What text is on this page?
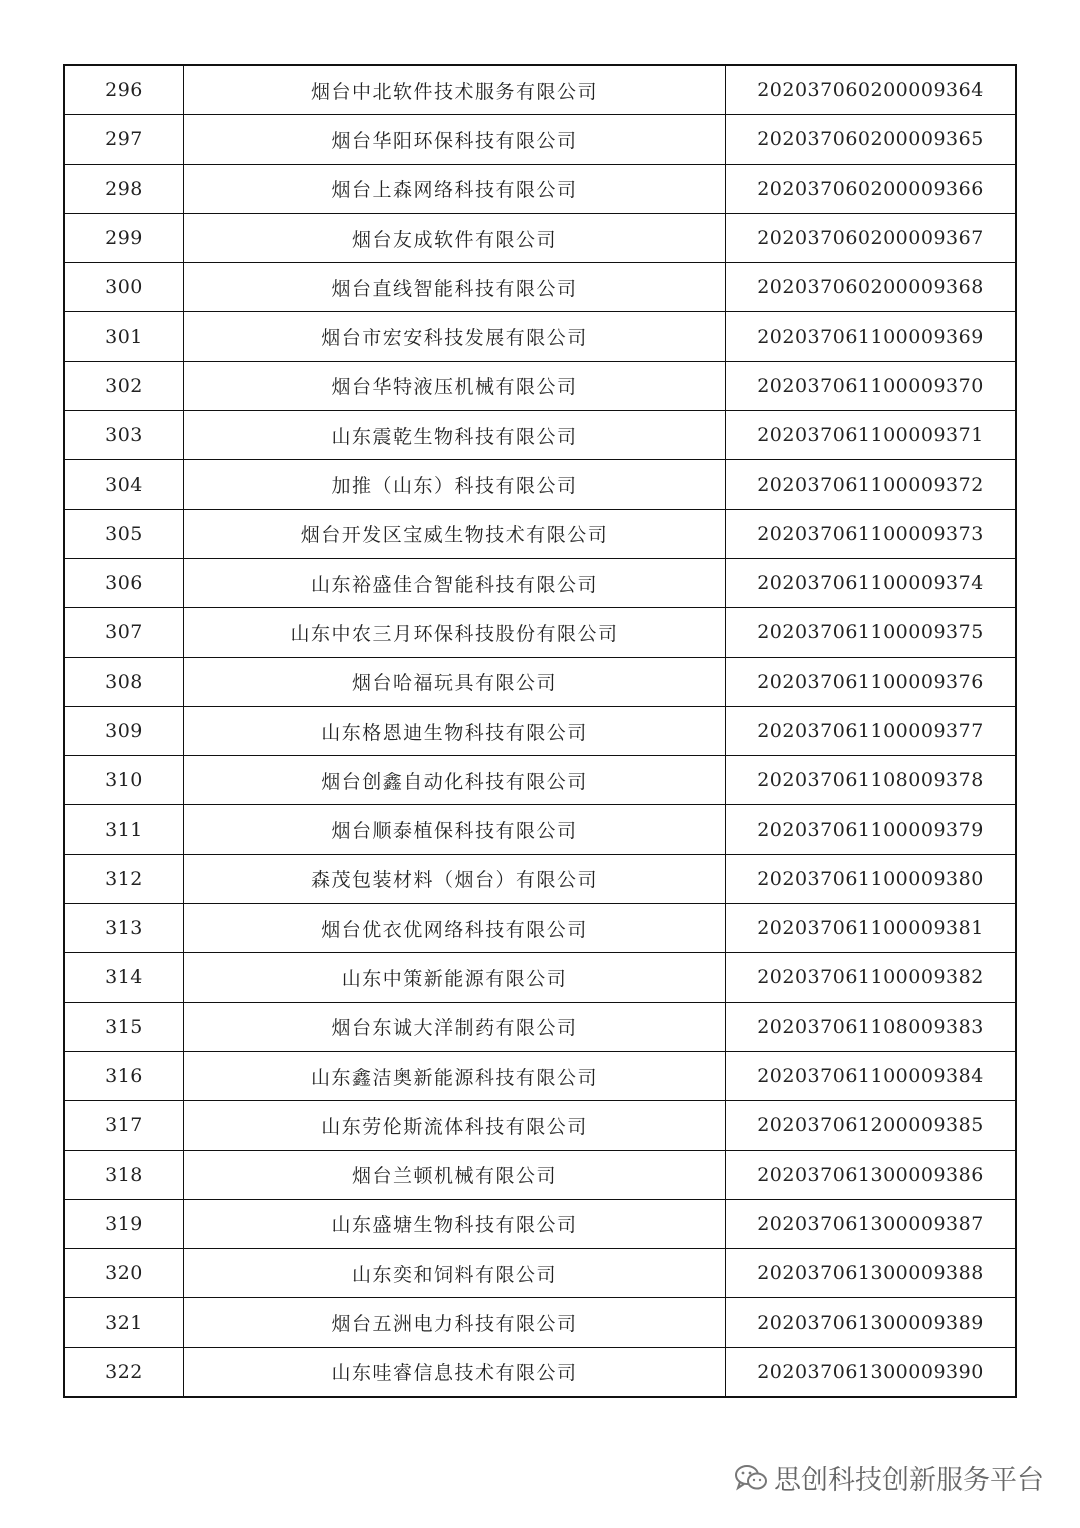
296	烟台中北软件技术服务有限公司	202037060200009364
297	烟台华阳环保科技有限公司	202037060200009365
298	烟台上森网络科技有限公司	202037060200009366
299	烟台友成软件有限公司	202037060200009367
300	烟台直线智能科技有限公司	202037060200009368
301	烟台市宏安科技发展有限公司	202037061100009369
302	烟台华特液压机械有限公司	202037061100009370
303	山东震乾生物科技有限公司	202037061100009371
304	加推（山东）科技有限公司	202037061100009372
305	烟台开发区宝威生物技术有限公司	202037061100009373
306	山东裕盛佳合智能科技有限公司	202037061100009374
307	山东中农三月环保科技股份有限公司	202037061100009375
308	烟台哈福玩具有限公司	202037061100009376
309	山东格恩迪生物科技有限公司	202037061100009377
310	烟台创鑫自动化科技有限公司	202037061108009378
311	烟台顺泰植保科技有限公司	202037061100009379
312	森茂包装材料（烟台）有限公司	202037061100009380
313	烟台优衣优网络科技有限公司	202037061100009381
314	山东中策新能源有限公司	202037061100009382
315	烟台东诚大洋制药有限公司	202037061108009383
316	山东鑫洁奥新能源科技有限公司	202037061100009384
317	山东劳伦斯流体科技有限公司	202037061200009385
318	烟台兰顿机械有限公司	202037061300009386
319	山东盛塘生物科技有限公司	202037061300009387
320	山东奕和饲料有限公司	202037061300009388
321	烟台五洲电力科技有限公司	202037061300009389
322	山东哇睿信息技术有限公司	202037061300009390
思创科技创新服务平台
